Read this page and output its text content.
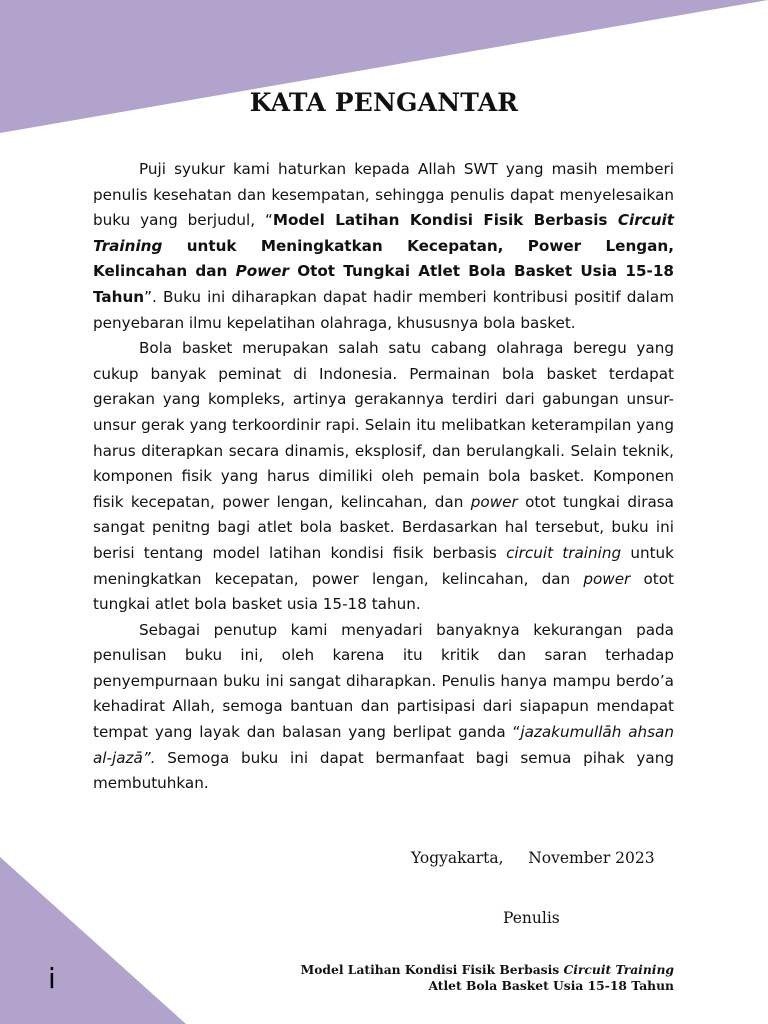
KATA PENGANTAR

Puji syukur kami haturkan kepada Allah SWT yang masih memberi penulis kesehatan dan kesempatan, sehingga penulis dapat menyelesaikan buku yang berjudul, “Model Latihan Kondisi Fisik Berbasis Circuit Training untuk Meningkatkan Kecepatan, Power Lengan, Kelincahan dan Power Otot Tungkai Atlet Bola Basket Usia 15-18 Tahun”. Buku ini diharapkan dapat hadir memberi kontribusi positif dalam penyebaran ilmu kepelatihan olahraga, khususnya bola basket.

Bola basket merupakan salah satu cabang olahraga beregu yang cukup banyak peminat di Indonesia. Permainan bola basket terdapat gerakan yang kompleks, artinya gerakannya terdiri dari gabungan unsur-unsur gerak yang terkoordinir rapi. Selain itu melibatkan keterampilan yang harus diterapkan secara dinamis, eksplosif, dan berulangkali. Selain teknik, komponen fisik yang harus dimiliki oleh pemain bola basket. Komponen fisik kecepatan, power lengan, kelincahan, dan power otot tungkai dirasa sangat penitng bagi atlet bola basket. Berdasarkan hal tersebut, buku ini berisi tentang model latihan kondisi fisik berbasis circuit training untuk meningkatkan kecepatan, power lengan, kelincahan, dan power otot tungkai atlet bola basket usia 15-18 tahun.

Sebagai penutup kami menyadari banyaknya kekurangan pada penulisan buku ini, oleh karena itu kritik dan saran terhadap penyempurnaan buku ini sangat diharapkan. Penulis hanya mampu berdo’a kehadirat Allah, semoga bantuan dan partisipasi dari siapapun mendapat tempat yang layak dan balasan yang berlipat ganda “jazakumullāh ahsan al-jazā”. Semoga buku ini dapat bermanfaat bagi semua pihak yang membutuhkan.

Yogyakarta,     November 2023
Penulis
i	Model Latihan Kondisi Fisik Berbasis Circuit Training
Atlet Bola Basket Usia 15-18 Tahun
